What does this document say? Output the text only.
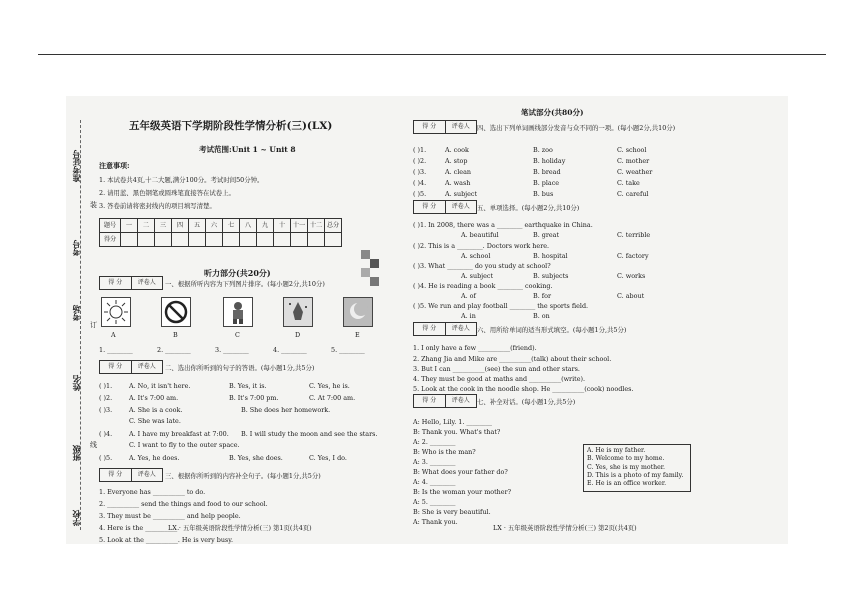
准考证号
考号
考场
姓名
班级
学校
装
订
线
五年级英语下学期阶段性学情分析(三)(LX)
考试范围:Unit 1 ~ Unit 8
注意事项:
1. 本试卷共4页,十二大题,满分100分。考试时间50分钟。
2. 请用蓝、黑色钢笔或圆珠笔直接答在试卷上。
3. 答卷前请将密封线内的项目填写清楚。
题号	一	二	三	四	五	六	七	八	九	十	十一	十二	总分
得分													
听力部分(共20分)
得 分	评卷人	一、根据所听内容为下列图片排序。(每小题2分,共10分)
A	B	C	D	E
1. ________	2. ________	3. ________	4. ________	5. ________
得 分	评卷人	二、选出你所听到的句子的答语。(每小题1分,共5分)
( )1.	A. No, it isn't here.	B. Yes, it is.	C. Yes, he is.
( )2.	A. It's 7:00 am.	B. It's 7:00 pm.	C. At 7:00 am.
( )3.	A. She is a cook.	B. She does her homework.
C. She was late.
( )4.	A. I have my breakfast at 7:00. B. I will study the moon and see the stars.
C. I want to fly to the outer space.
( )5.	A. Yes, he does.	B. Yes, she does.	C. Yes, I do.
得 分	评卷人	三、根据你所听到的内容补全句子。(每小题1分,共5分)
1. Everyone has __________ to do.
2. __________ send the things and food to our school.
3. They must be __________ and help people.
4. Here is the __________.
5. Look at the __________. He is very busy.
LX · 五年级英语阶段性学情分析(三) 第1页(共4页)
笔试部分(共80分)
得 分	评卷人	四、选出下列单词画线部分发音与众不同的一项。(每小题2分,共10分)
( )1.	A. cook	B. zoo	C. school
( )2.	A. stop	B. holiday	C. mother
( )3.	A. clean	B. bread	C. weather
( )4.	A. wash	B. place	C. take
( )5.	A. subject	B. bus	C. careful
得 分	评卷人	五、单项选择。(每小题2分,共10分)
( )1. In 2008, there was a ________ earthquake in China.
A. beautiful	B. great	C. terrible
( )2. This is a ________. Doctors work here.
A. school	B. hospital	C. factory
( )3. What ________ do you study at school?
A. subject	B. subjects	C. works
( )4. He is reading a book ________ cooking.
A. of	B. for	C. about
( )5. We run and play football ________ the sports field.
A. in	B. on
得 分	评卷人	六、用所给单词的适当形式填空。(每小题1分,共5分)
1. I only have a few __________(friend).
2. Zhang Jia and Mike are __________(talk) about their school.
3. But I can __________(see) the sun and other stars.
4. They must be good at maths and __________(write).
5. Look at the cook in the noodle shop. He __________(cook) noodles.
得 分	评卷人	七、补全对话。(每小题1分,共5分)
A: Hello, Lily. 1. ________
B: Thank you. What's that?
A: 2. ________
B: Who is the man?
A: 3. ________
B: What does your father do?
A: 4. ________
B: Is the woman your mother?
A: 5. ________
B: She is very beautiful.
A: Thank you.
A. He is my father.
B. Welcome to my home.
C. Yes, she is my mother.
D. This is a photo of my family.
E. He is an office worker.
LX · 五年级英语阶段性学情分析(三) 第2页(共4页)
